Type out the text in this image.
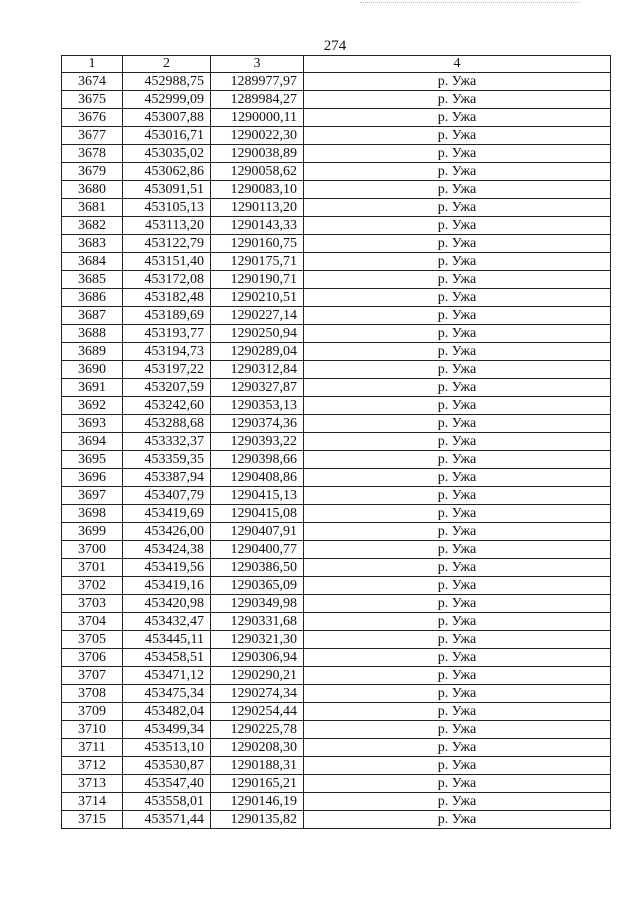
274
1	2	3	4
3674	452988,75	1289977,97	р. Ужа
3675	452999,09	1289984,27	р. Ужа
3676	453007,88	1290000,11	р. Ужа
3677	453016,71	1290022,30	р. Ужа
3678	453035,02	1290038,89	р. Ужа
3679	453062,86	1290058,62	р. Ужа
3680	453091,51	1290083,10	р. Ужа
3681	453105,13	1290113,20	р. Ужа
3682	453113,20	1290143,33	р. Ужа
3683	453122,79	1290160,75	р. Ужа
3684	453151,40	1290175,71	р. Ужа
3685	453172,08	1290190,71	р. Ужа
3686	453182,48	1290210,51	р. Ужа
3687	453189,69	1290227,14	р. Ужа
3688	453193,77	1290250,94	р. Ужа
3689	453194,73	1290289,04	р. Ужа
3690	453197,22	1290312,84	р. Ужа
3691	453207,59	1290327,87	р. Ужа
3692	453242,60	1290353,13	р. Ужа
3693	453288,68	1290374,36	р. Ужа
3694	453332,37	1290393,22	р. Ужа
3695	453359,35	1290398,66	р. Ужа
3696	453387,94	1290408,86	р. Ужа
3697	453407,79	1290415,13	р. Ужа
3698	453419,69	1290415,08	р. Ужа
3699	453426,00	1290407,91	р. Ужа
3700	453424,38	1290400,77	р. Ужа
3701	453419,56	1290386,50	р. Ужа
3702	453419,16	1290365,09	р. Ужа
3703	453420,98	1290349,98	р. Ужа
3704	453432,47	1290331,68	р. Ужа
3705	453445,11	1290321,30	р. Ужа
3706	453458,51	1290306,94	р. Ужа
3707	453471,12	1290290,21	р. Ужа
3708	453475,34	1290274,34	р. Ужа
3709	453482,04	1290254,44	р. Ужа
3710	453499,34	1290225,78	р. Ужа
3711	453513,10	1290208,30	р. Ужа
3712	453530,87	1290188,31	р. Ужа
3713	453547,40	1290165,21	р. Ужа
3714	453558,01	1290146,19	р. Ужа
3715	453571,44	1290135,82	р. Ужа
